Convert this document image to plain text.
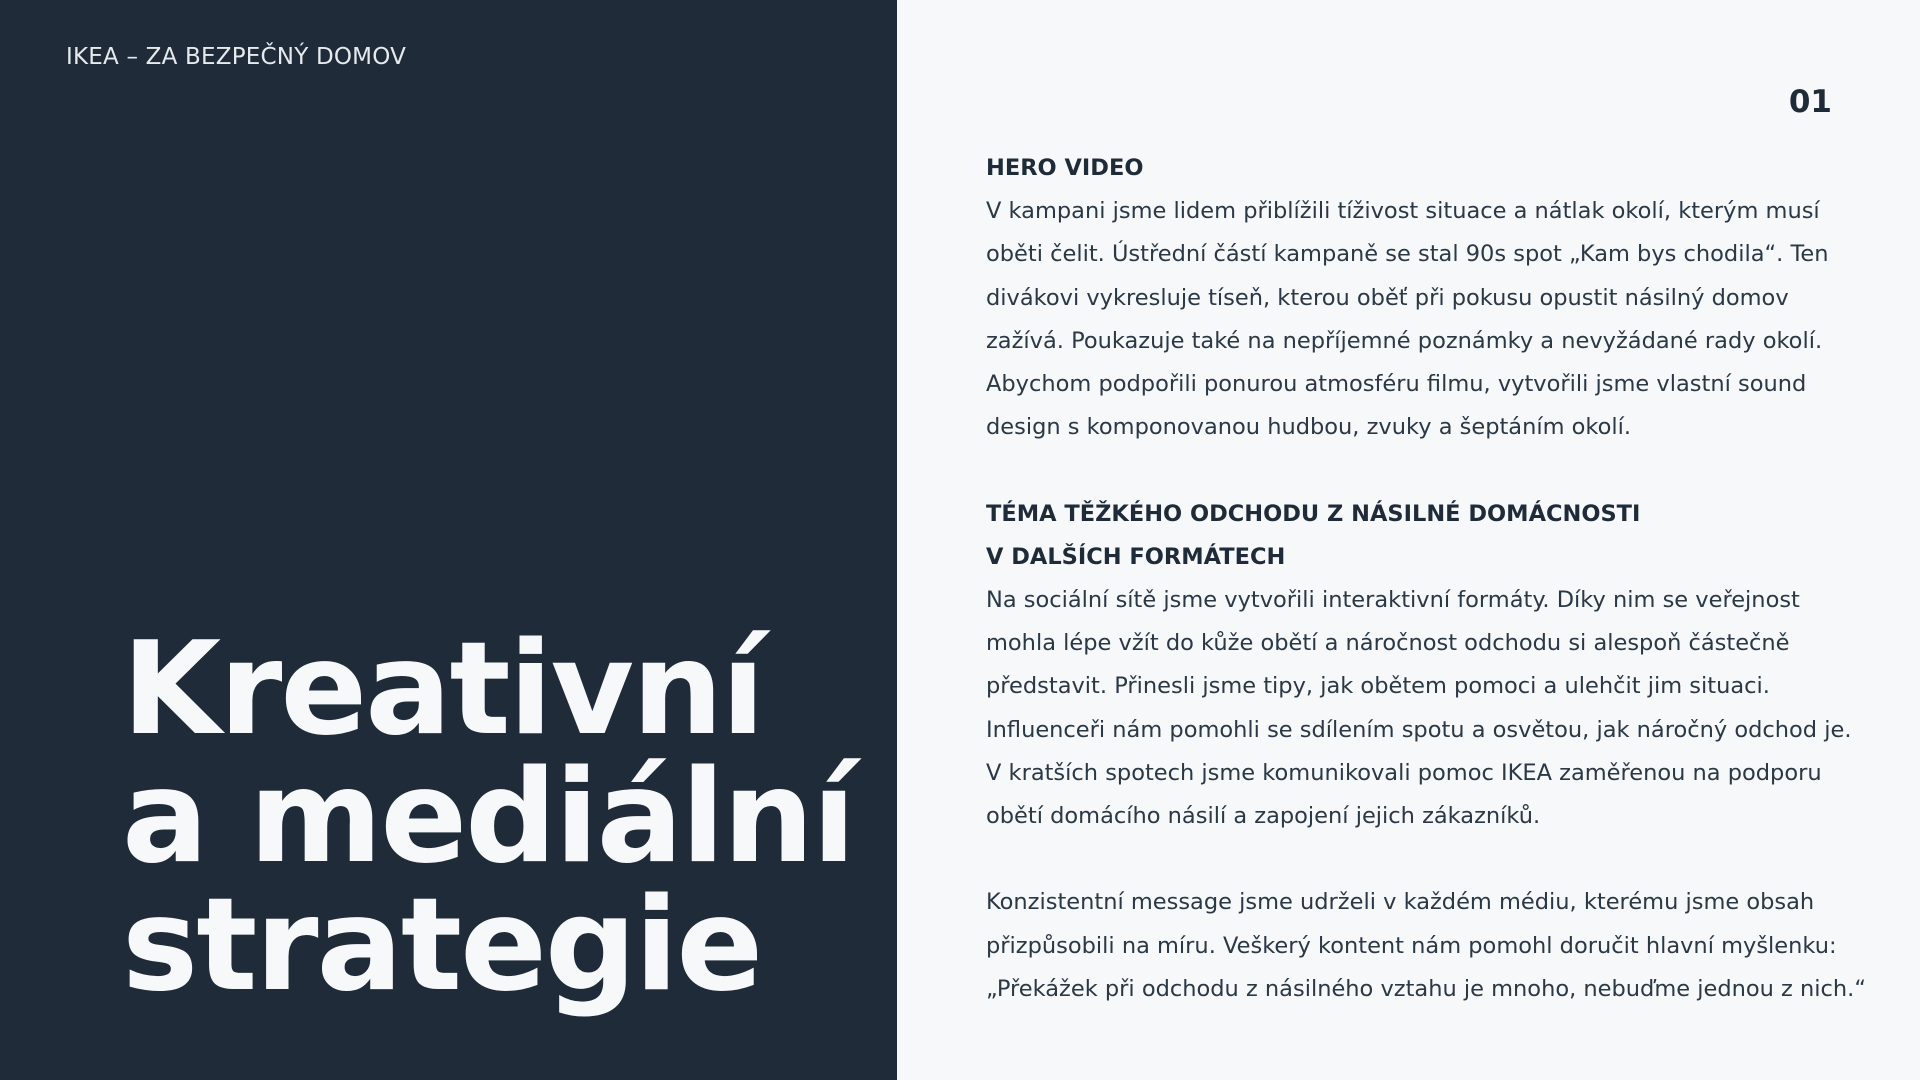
IKEA – ZA BEZPEČNÝ DOMOV
Kreativní
a mediální
strategie
01
HERO VIDEO
V kampani jsme lidem přiblížili tíživost situace a nátlak okolí, kterým musí
oběti čelit. Ústřední částí kampaně se stal 90s spot „Kam bys chodila“. Ten
divákovi vykresluje tíseň, kterou oběť při pokusu opustit násilný domov
zažívá. Poukazuje také na nepříjemné poznámky a nevyžádané rady okolí.
Abychom podpořili ponurou atmosféru filmu, vytvořili jsme vlastní sound
design s komponovanou hudbou, zvuky a šeptáním okolí.
TÉMA TĚŽKÉHO ODCHODU Z NÁSILNÉ DOMÁCNOSTI
V DALŠÍCH FORMÁTECH
Na sociální sítě jsme vytvořili interaktivní formáty. Díky nim se veřejnost
mohla lépe vžít do kůže obětí a náročnost odchodu si alespoň částečně
představit. Přinesli jsme tipy, jak obětem pomoci a ulehčit jim situaci.
Influenceři nám pomohli se sdílením spotu a osvětou, jak náročný odchod je.
V kratších spotech jsme komunikovali pomoc IKEA zaměřenou na podporu
obětí domácího násilí a zapojení jejich zákazníků.
Konzistentní message jsme udrželi v každém médiu, kterému jsme obsah
přizpůsobili na míru. Veškerý kontent nám pomohl doručit hlavní myšlenku:
„Překážek při odchodu z násilného vztahu je mnoho, nebuďme jednou z nich.“
